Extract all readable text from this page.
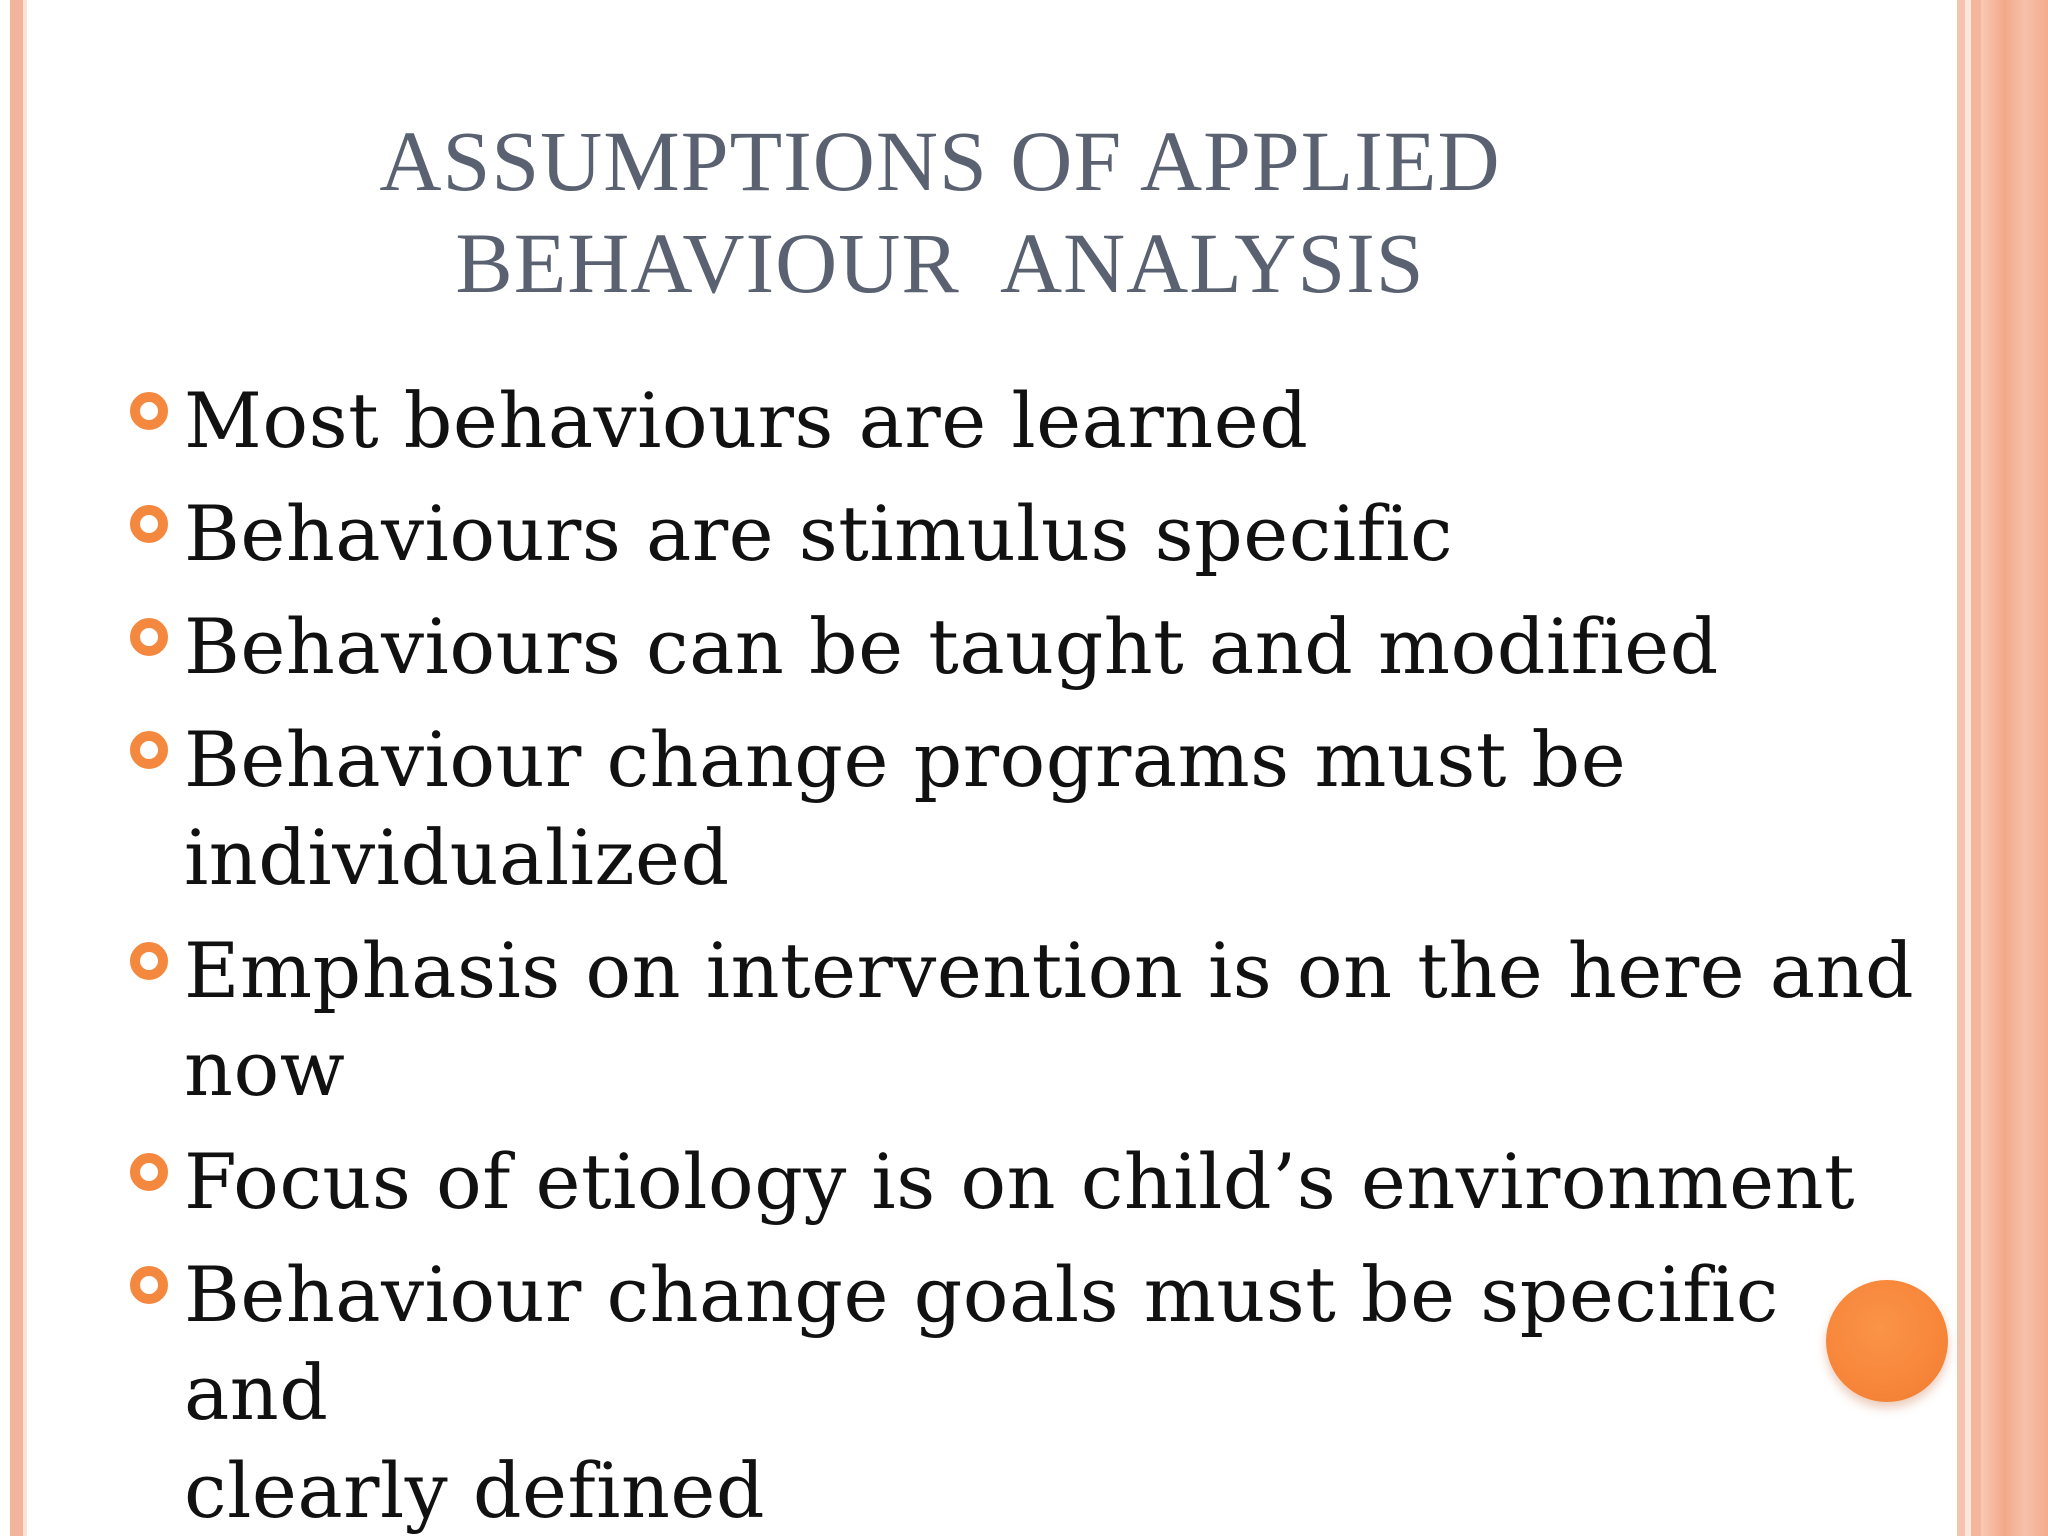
ASSUMPTIONS OF APPLIED
BEHAVIOUR  ANALYSIS
Most behaviours are learned
Behaviours are stimulus specific
Behaviours can be taught and modified
Behaviour change programs must be
individualized
Emphasis on intervention is on the here and
now
Focus of etiology is on child’s environment
Behaviour change goals must be specific and
clearly defined
